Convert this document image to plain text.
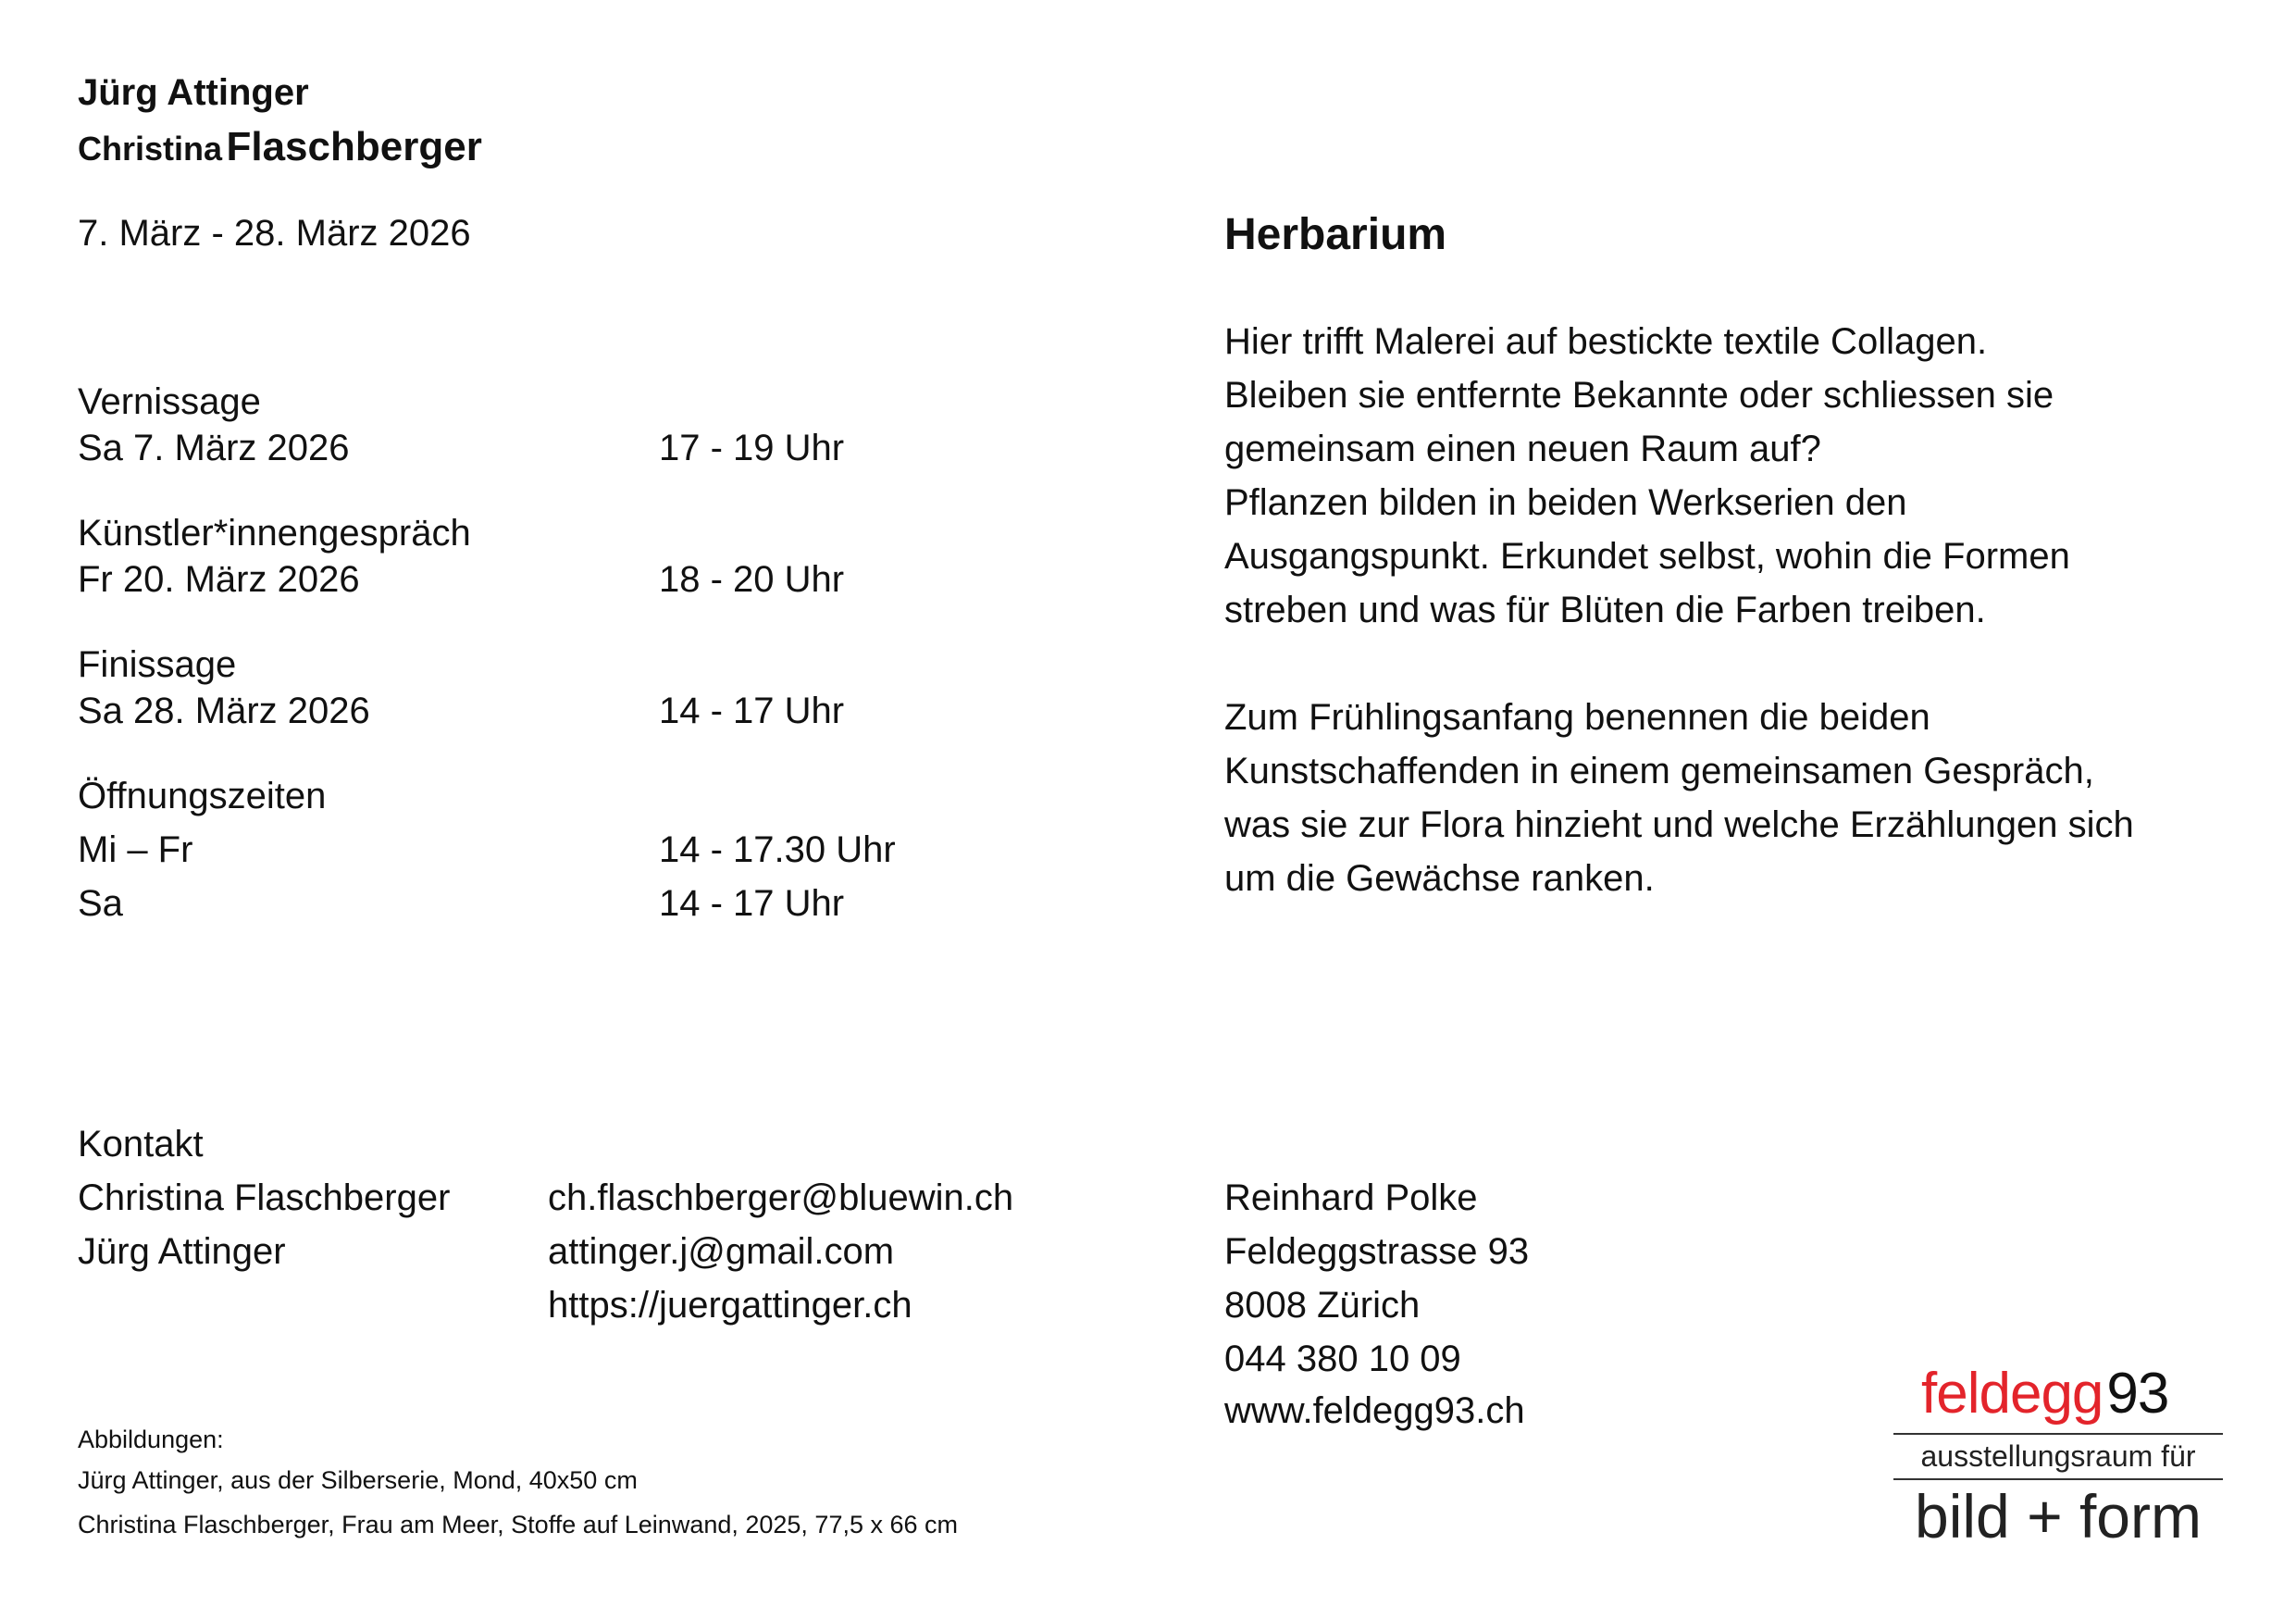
Jürg Attinger
Christina Flaschberger
7. März - 28. März 2026
Vernissage
Sa 7. März 2026	17 - 19 Uhr
Künstler*innengespräch
Fr 20. März 2026	18 - 20 Uhr
Finissage
Sa 28. März 2026	14 - 17 Uhr
Öffnungszeiten
Mi – Fr	14 - 17.30 Uhr
Sa	14 - 17 Uhr
Herbarium
Hier trifft Malerei auf bestickte textile Collagen.
Bleiben sie entfernte Bekannte oder schliessen sie
gemeinsam einen neuen Raum auf?
Pflanzen bilden in beiden Werkserien den
Ausgangspunkt. Erkundet selbst, wohin die Formen
streben und was für Blüten die Farben treiben.
Zum Frühlingsanfang benennen die beiden
Kunstschaffenden in einem gemeinsamen Gespräch,
was sie zur Flora hinzieht und welche Erzählungen sich
um die Gewächse ranken.
Kontakt
Christina Flaschberger	ch.flaschberger@bluewin.ch
Jürg Attinger	attinger.j@gmail.com
https://juergattinger.ch
Reinhard Polke
Feldeggstrasse 93
8008 Zürich
044 380 10 09
www.feldegg93.ch
Abbildungen:
Jürg Attinger, aus der Silberserie, Mond, 40x50 cm
Christina Flaschberger, Frau am Meer, Stoffe auf Leinwand, 2025, 77,5 x 66 cm
feldegg93
ausstellungsraum für
bild + form
